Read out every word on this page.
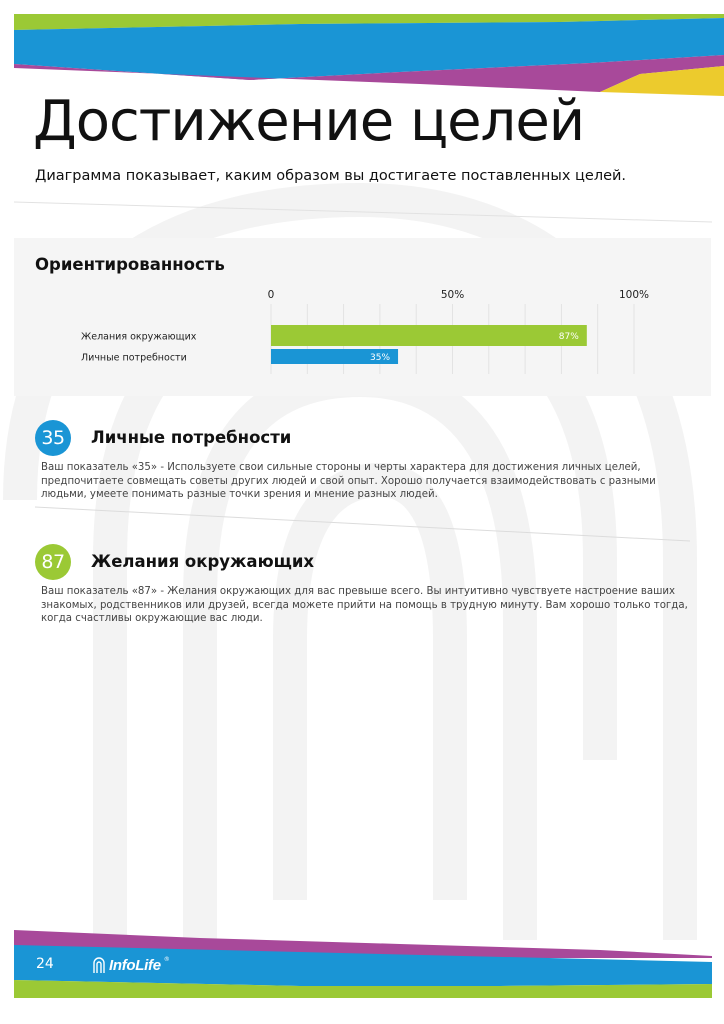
Достижение целей

Диаграмма показывает, каким образом вы достигаете поставленных целей.

Ориентированность
0	50%	100%
Желания окружающих	87%
Личные потребности	35%
35	Личные потребности

Ваш показатель «35» - Используете свои сильные стороны и черты характера для достижения личных целей, предпочитаете совмещать советы других людей и свой опыт. Хорошо получается взаимодействовать с разными людьми, умеете понимать разные точки зрения и мнение разных людей.

87	Желания окружающих

Ваш показатель «87» - Желания окружающих для вас превыше всего. Вы интуитивно чувствуете настроение ваших знакомых, родственников или друзей, всегда можете прийти на помощь в трудную минуту. Вам хорошо только тогда, когда счастливы окружающие вас люди.

24	InfoLife ®
